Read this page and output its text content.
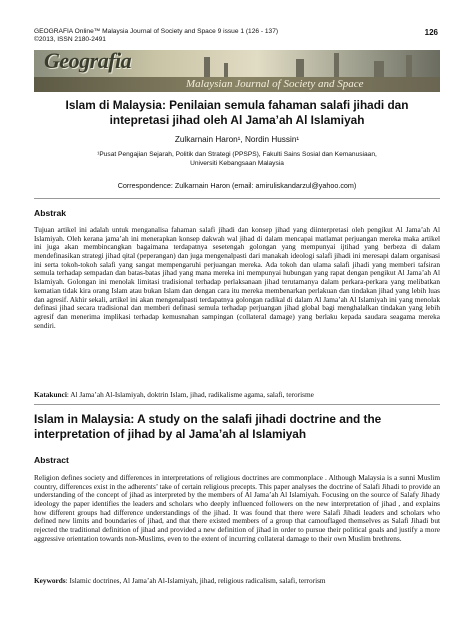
GEOGRAFIA Online™ Malaysia Journal of Society and Space 9 issue 1 (126 - 137)
©2013, ISSN 2180-2491
126
Geografia
Malaysian Journal of Society and Space
Islam di Malaysia: Penilaian semula fahaman salafi jihadi dan
intepretasi jihad oleh Al Jama’ah Al Islamiyah
Zulkarnain Haron¹, Nordin Hussin¹
¹Pusat Pengajian Sejarah, Politik dan Strategi (PPSPS), Fakulti Sains Sosial dan Kemanusiaan,
Universiti Kebangsaan Malaysia
Correspondence: Zulkarnain Haron (email: amiruliskandarzul@yahoo.com)
Abstrak

Tujuan artikel ini adalah untuk menganalisa fahaman salafi jihadi dan konsep jihad yang diinterpretasi oleh pengikut Al Jama’ah Al Islamiyah. Oleh kerana jama’ah ini menerapkan konsep dakwah wal jihad di dalam mencapai matlamat perjuangan mereka maka artikel ini juga akan membincangkan bagaimana terdapatnya sesetengah golongan yang mempunyai ijtihad yang berbeza di dalam mendefinasikan strategi jihad qital (peperangan) dan juga mengenalpasti dari manakah ideologi salafi jihadi ini meresapi dalam organisasi ini serta tokoh-tokoh salafi yang sangat mempengaruhi perjuangan mereka. Ada tokoh dan ulama salafi jihadi yang memberi tafsiran semula terhadap sempadan dan batas-batas jihad yang mana mereka ini mempunyai hubungan yang rapat dengan pengikut Al Jama’ah Al Islamiyah. Golongan ini menolak limitasi tradisional terhadap perlaksanaan jihad terutamanya dalam perkara-perkara yang melibatkan kematian tidak kira orang Islam atau bukan Islam dan dengan cara itu mereka membenarkan perlakuan dan tindakan jihad yang lebih luas dan agresif. Akhir sekali, artikel ini akan mengenalpasti terdapatnya golongan radikal di dalam Al Jama’ah Al Islamiyah ini yang menolak definasi jihad secara tradisional dan memberi definasi semula terhadap perjuangan jihad global bagi menghalalkan tindakan yang lebih agresif dan menerima implikasi terhadap kemusnahan sampingan (collateral damage) yang berlaku kepada saudara seagama mereka sendiri.

Katakunci: Al Jama’ah Al-Islamiyah, doktrin Islam, jihad, radikalisme agama, salafi, terorisme
Islam in Malaysia: A study on the salafi jihadi doctrine and the
interpretation of jihad by al Jama’ah al Islamiyah
Abstract

Religion defines society and differences in interpretations of religious doctrines are commonplace . Although Malaysia is a sunni Muslim country, differences exist in the adherents’ take of certain religious precepts. This paper analyses the doctrine of Salafi Jihadi to provide an understanding of the concept of jihad as interpreted by the members of Al Jama’ah Al Islamiyah. Focusing on the source of Salafy Jihady ideology the paper identifies the leaders and scholars who deeply influenced followers on the new interpretation of jihad , and explains how different groups had difference understandings of the jihad. It was found that there were Salafi Jihadi leaders and scholars who defined new limits and boundaries of jihad, and that there existed members of a group that camouflaged themselves as Salafi Jihadi but rejected the traditional definition of jihad and provided a new definition of jihad in order to pursue their political goals and justify a more aggressive orientation towards non-Muslims, even to the extent of incurring collateral damage to their own Muslim brethrens.

Keywords: Islamic doctrines, Al Jama’ah Al-Islamiyah, jihad, religious radicalism, salafi, terrorism
